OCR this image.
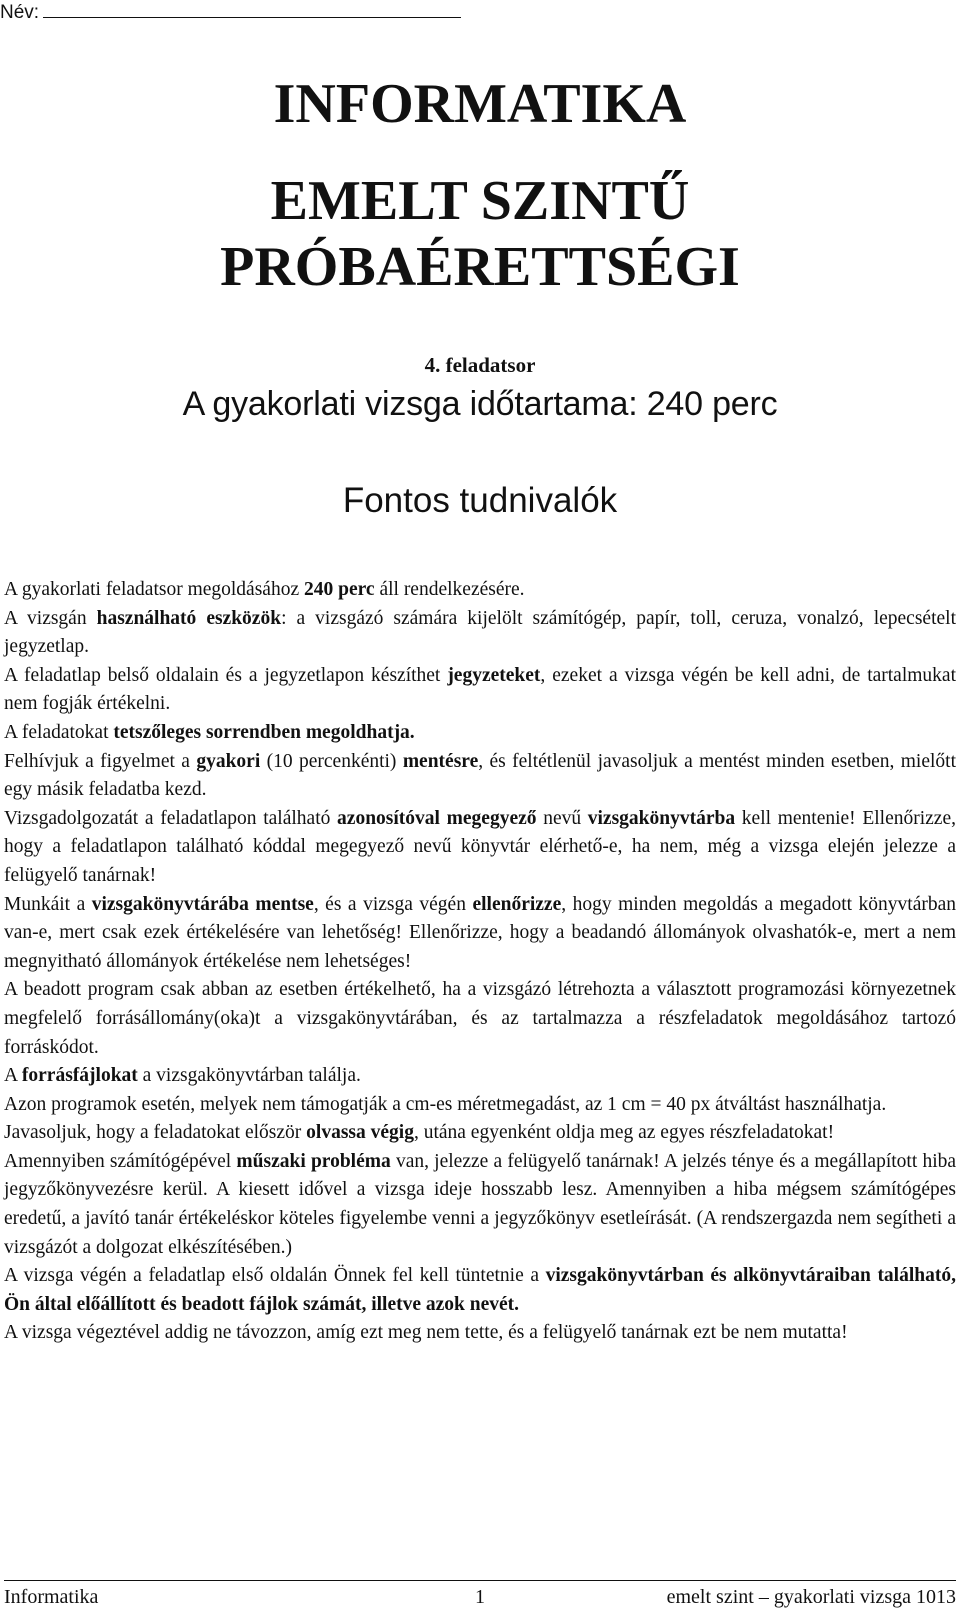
Név:
INFORMATIKA
EMELT SZINTŰ
PRÓBAÉRETTSÉGI
4. feladatsor
A gyakorlati vizsga időtartama: 240 perc
Fontos tudnivalók

A gyakorlati feladatsor megoldásához 240 perc áll rendelkezésére.

A vizsgán használható eszközök: a vizsgázó számára kijelölt számítógép, papír, toll, ceruza, vonalzó, lepecsételt jegyzetlap.

A feladatlap belső oldalain és a jegyzetlapon készíthet jegyzeteket, ezeket a vizsga végén be kell adni, de tartalmukat nem fogják értékelni.

A feladatokat tetszőleges sorrendben megoldhatja.

Felhívjuk a figyelmet a gyakori (10 percenkénti) mentésre, és feltétlenül javasoljuk a mentést minden esetben, mielőtt egy másik feladatba kezd.

Vizsgadolgozatát a feladatlapon található azonosítóval megegyező nevű vizsgakönyvtárba kell mentenie! Ellenőrizze, hogy a feladatlapon található kóddal megegyező nevű könyvtár elérhető-e, ha nem, még a vizsga elején jelezze a felügyelő tanárnak!

Munkáit a vizsgakönyvtárába mentse, és a vizsga végén ellenőrizze, hogy minden megoldás a megadott könyvtárban van-e, mert csak ezek értékelésére van lehetőség! Ellenőrizze, hogy a beadandó állományok olvashatók-e, mert a nem megnyitható állományok értékelése nem lehetséges!

A beadott program csak abban az esetben értékelhető, ha a vizsgázó létrehozta a választott programozási környezetnek megfelelő forrásállomány(oka)t a vizsgakönyvtárában, és az tartalmazza a részfeladatok megoldásához tartozó forráskódot.

A forrásfájlokat a vizsgakönyvtárban találja.

Azon programok esetén, melyek nem támogatják a cm-es méretmegadást, az 1 cm = 40 px átváltást használhatja.

Javasoljuk, hogy a feladatokat először olvassa végig, utána egyenként oldja meg az egyes részfeladatokat!

Amennyiben számítógépével műszaki probléma van, jelezze a felügyelő tanárnak! A jelzés ténye és a megállapított hiba jegyzőkönyvezésre kerül. A kiesett idővel a vizsga ideje hosszabb lesz. Amennyiben a hiba mégsem számítógépes eredetű, a javító tanár értékeléskor köteles figyelembe venni a jegyzőkönyv esetleírását. (A rendszergazda nem segítheti a vizsgázót a dolgozat elkészítésében.)

A vizsga végén a feladatlap első oldalán Önnek fel kell tüntetnie a vizsgakönyvtárban és alkönyvtáraiban található, Ön által előállított és beadott fájlok számát, illetve azok nevét.

A vizsga végeztével addig ne távozzon, amíg ezt meg nem tette, és a felügyelő tanárnak ezt be nem mutatta!

Informatika	1	emelt szint – gyakorlati vizsga 1013
